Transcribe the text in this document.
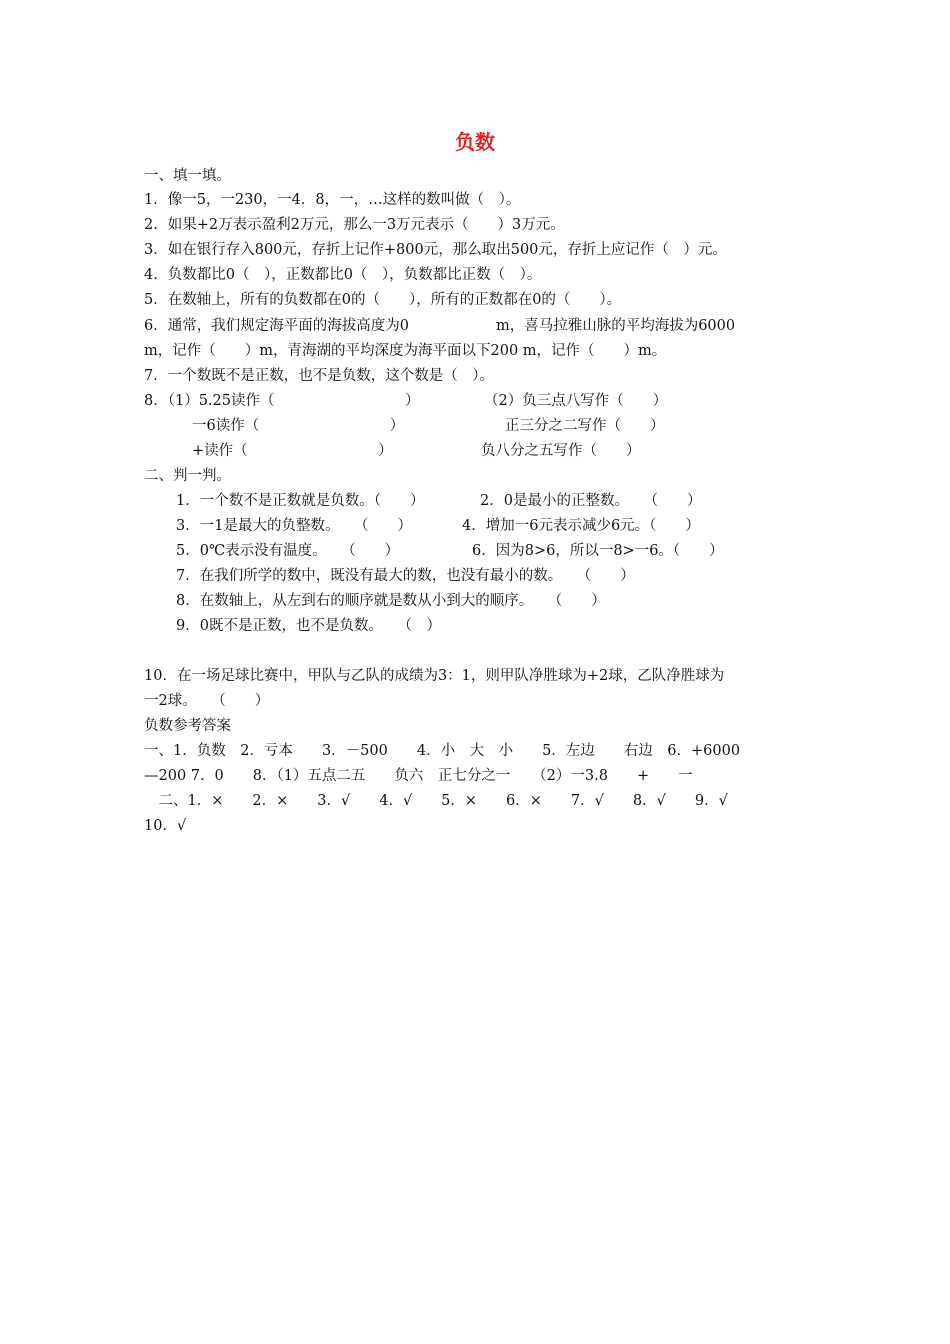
负数
一、填一填。
1．像一5，一230，一4．8，一，…这样的数叫做（　）。
2．如果+2万表示盈利2万元，那么一3万元表示（　　）3万元。
3．如在银行存入800元，存折上记作+800元，那么取出500元，存折上应记作（　）元。
4．负数都比0（　），正数都比0（　），负数都比正数（　）。
5．在数轴上，所有的负数都在0的（　　），所有的正数都在0的（　　）。
6．通常，我们规定海平面的海拔高度为0　　　　　　m，喜马拉雅山脉的平均海拔为6000
m，记作（　　）m，青海湖的平均深度为海平面以下200 m，记作（　　）m。
7．一个数既不是正数，也不是负数，这个数是（　）。
8．（1）5.25读作（　　　　　　　　　）	（2）负三点八写作（　　）
一6读作（　　　　　　　　　）	正三分之二写作（　　）
+读作（　　　　　　　　　）	负八分之五写作（　　）
二、判一判。
1．一个数不是正数就是负数。（　　）	2．0是最小的正整数。　　（　　）
3．一1是最大的负整数。　　（　　）	4．增加一6元表示减少6元。（　　）
5．0℃表示没有温度。　　（　　）	6．因为8>6，所以一8>一6。（　　）
7．在我们所学的数中，既没有最大的数，也没有最小的数。　　（　　）
8．在数轴上，从左到右的顺序就是数从小到大的顺序。　　（　　）
9．0既不是正数，也不是负数。　　（　）
10．在一场足球比赛中，甲队与乙队的成绩为3：1，则甲队净胜球为+2球，乙队净胜球为
一2球。　　（　　）
负数参考答案
一、1．负数　2．亏本　　3．－500　　4．小　大　小　　5．左边　　右边　6．+6000
—200 7．0　　8．（1）五点二五　　负六　正七分之一　　（2）一3.8　　+　　一
　二、1．×　　2．×　　3．√　　4．√　　5．×　　6．×　　7．√　　8．√　　9．√
10．√
